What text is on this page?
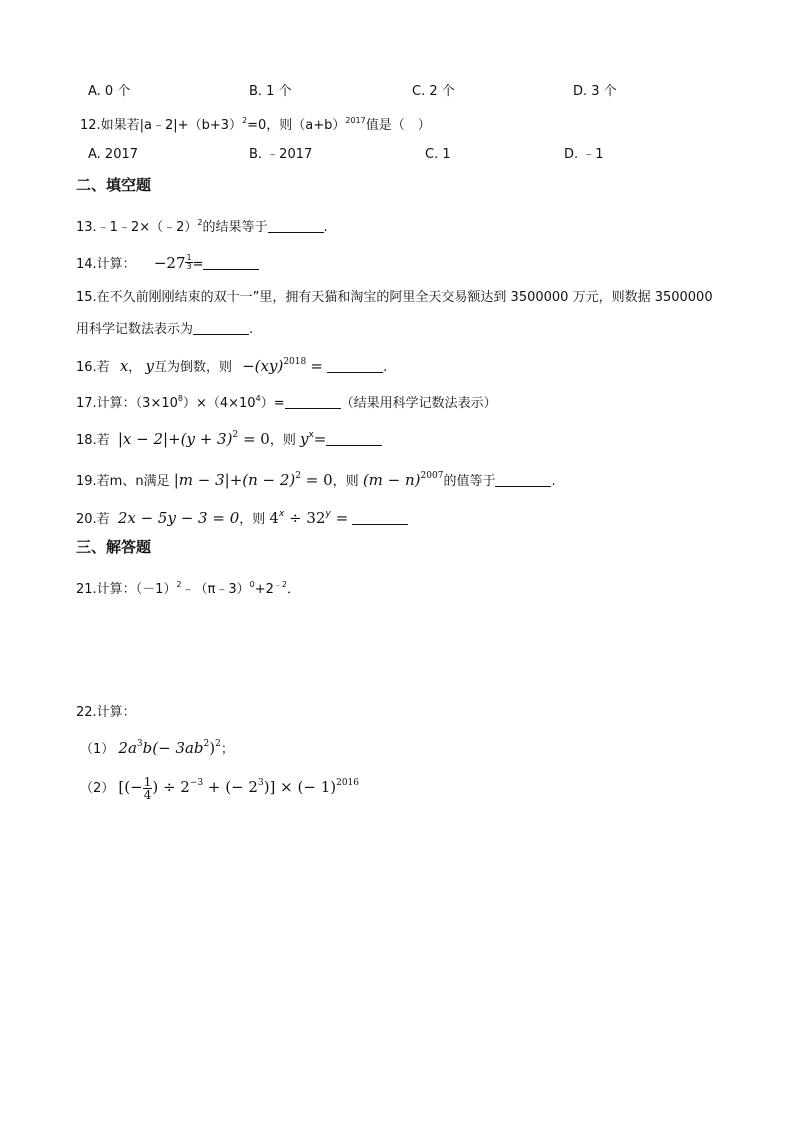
A. 0 个	B. 1 个	C. 2 个	D. 3 个
12.如果若$|a﹣2|+(b+3)^2=0$，则$(a+b)^{2017}$值是（　）
A. 2017	B. ﹣2017	C. 1	D. ﹣1
二、填空题
13.﹣1﹣2×（﹣2）$^2$的结果等于	.
14.计算： $-27 \frac{1}{3}$ =
15.在不久前刚刚结束的双十一”里，拥有天猫和淘宝的阿里全天交易额达到 3500000 万元，则数据 3500000
用科学记数法表示为	.
16.若 x， y互为倒数，则 −(xy)$^{2018}$ =	.
17.计算：$(3\times 10^8)\times(4\times 10^4)=$	（结果用科学记数法表示）
18.若 $|x - 2|+(y + 3)^2 = 0$，则 $y^x=$
19.若m、n满足 $|m - 3|+(n - 2)^2 = 0$，则 $(m - n)^{2007}$的值等于	.
20.若 2x − 5y − 3 = 0，则 $4^x \div 32^y$ =
三、解答题
21.计算：$(-1)^2﹣(\pi﹣3)^0+2^{﹣2}$．
22.计算：
（1） $2a^3b(- 3ab^2)^2$；
（2） [(− $\frac{1}{4}$ ) ÷ $2^{-3}$ + (− $2^3$)] × (− 1)$^{2016}$
